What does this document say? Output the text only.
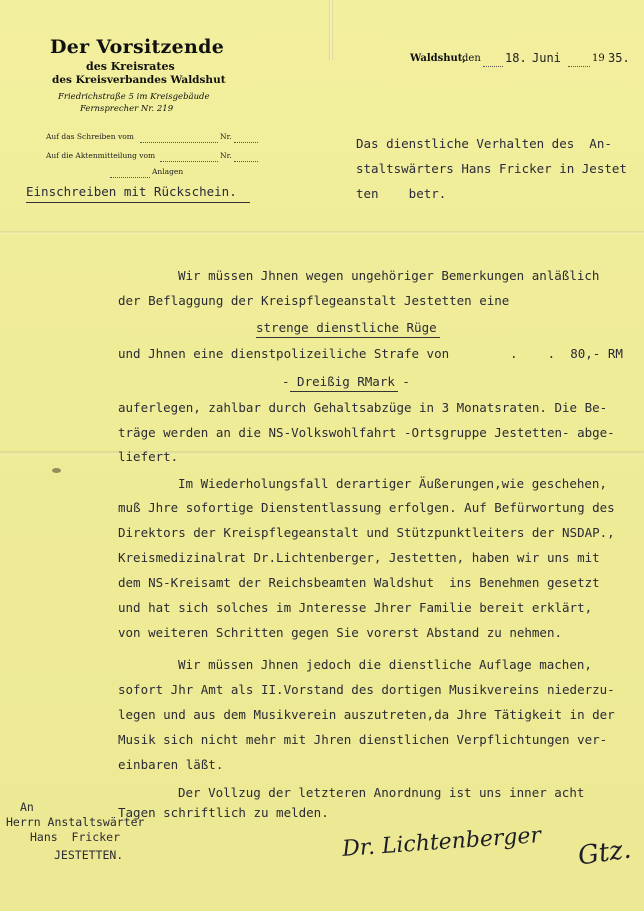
Der Vorsitzende
des Kreisrates
des Kreisverbandes Waldshut
Friedrichstraße 5 im Kreisgebäude
Fernsprecher Nr. 219
Auf das Schreiben vom	Nr.
Auf die Aktenmitteilung vom	Nr.
Anlagen
Einschreiben mit Rückschein.
Waldshut,
den 18. Juni	19 35.
Das dienstliche Verhalten des  An-
staltswärters Hans Fricker in Jestet
ten    betr.
Wir müssen Jhnen wegen ungehöriger Bemerkungen anläßlich
der Beflaggung der Kreispflegeanstalt Jestetten eine
strenge dienstliche Rüge
und Jhnen eine dienstpolizeiliche Strafe von	.    .  80,- RM
- Dreißig RMark -
auferlegen, zahlbar durch Gehaltsabzüge in 3 Monatsraten. Die Be-
träge werden an die NS-Volkswohlfahrt -Ortsgruppe Jestetten- abge-
liefert.
Im Wiederholungsfall derartiger Äußerungen,wie geschehen,
muß Jhre sofortige Dienstentlassung erfolgen. Auf Befürwortung des
Direktors der Kreispflegeanstalt und Stützpunktleiters der NSDAP.,
Kreismedizinalrat Dr.Lichtenberger, Jestetten, haben wir uns mit
dem NS-Kreisamt der Reichsbeamten Waldshut  ins Benehmen gesetzt
und hat sich solches im Jnteresse Jhrer Familie bereit erklärt,
von weiteren Schritten gegen Sie vorerst Abstand zu nehmen.
Wir müssen Jhnen jedoch die dienstliche Auflage machen,
sofort Jhr Amt als II.Vorstand des dortigen Musikvereins niederzu-
legen und aus dem Musikverein auszutreten,da Jhre Tätigkeit in der
Musik sich nicht mehr mit Jhren dienstlichen Verpflichtungen ver-
einbaren läßt.
Der Vollzug der letzteren Anordnung ist uns inner acht
Tagen schriftlich zu melden.
An
Herrn Anstaltswärter
Hans  Fricker
JESTETTEN.	Dr. Lichtenberger Gtz.
